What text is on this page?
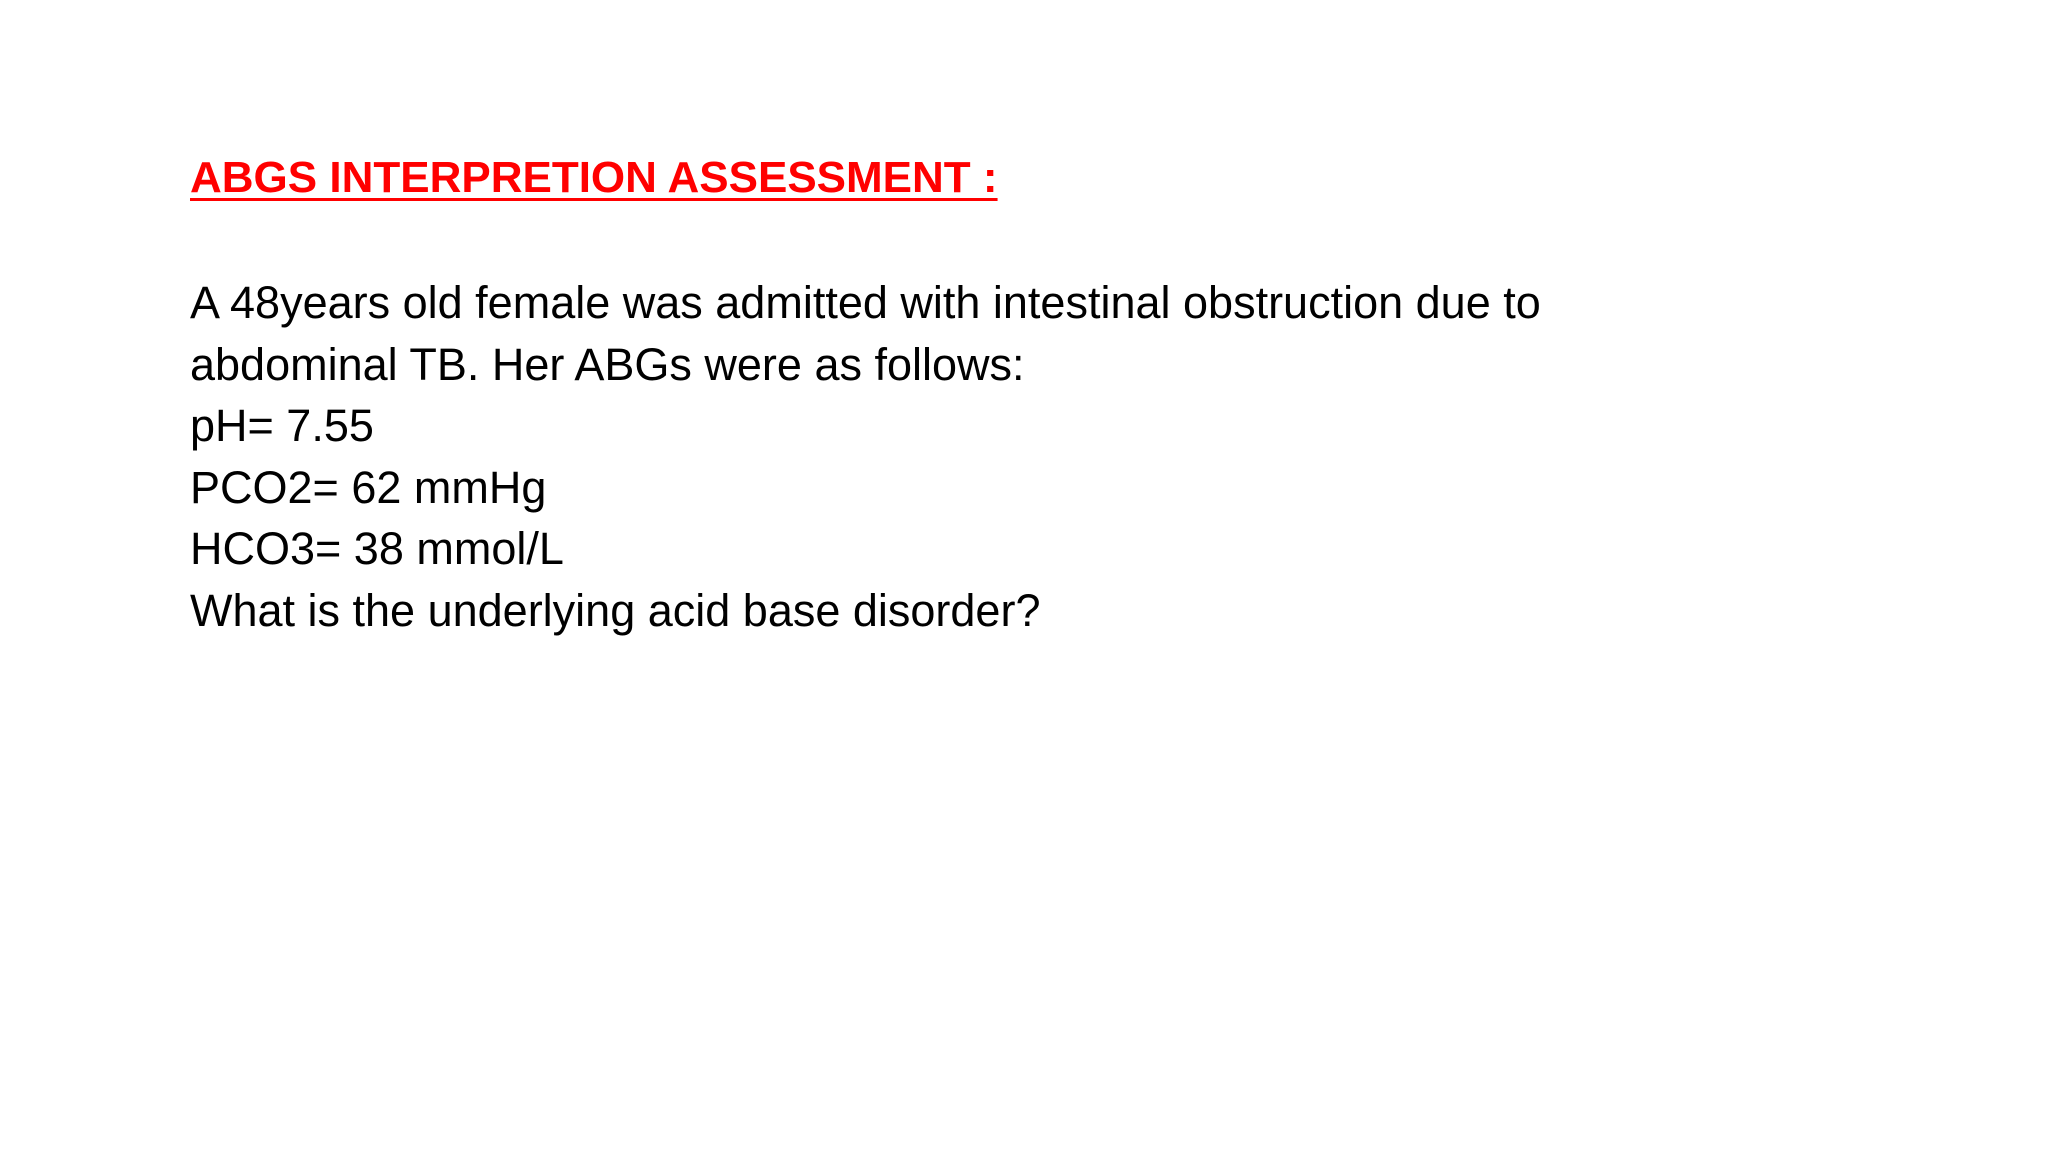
ABGS INTERPRETION ASSESSMENT :
A 48years old female was admitted with intestinal obstruction due to
abdominal TB. Her ABGs were as follows:
pH= 7.55
PCO2= 62 mmHg
HCO3= 38 mmol/L
What is the underlying acid base disorder?
